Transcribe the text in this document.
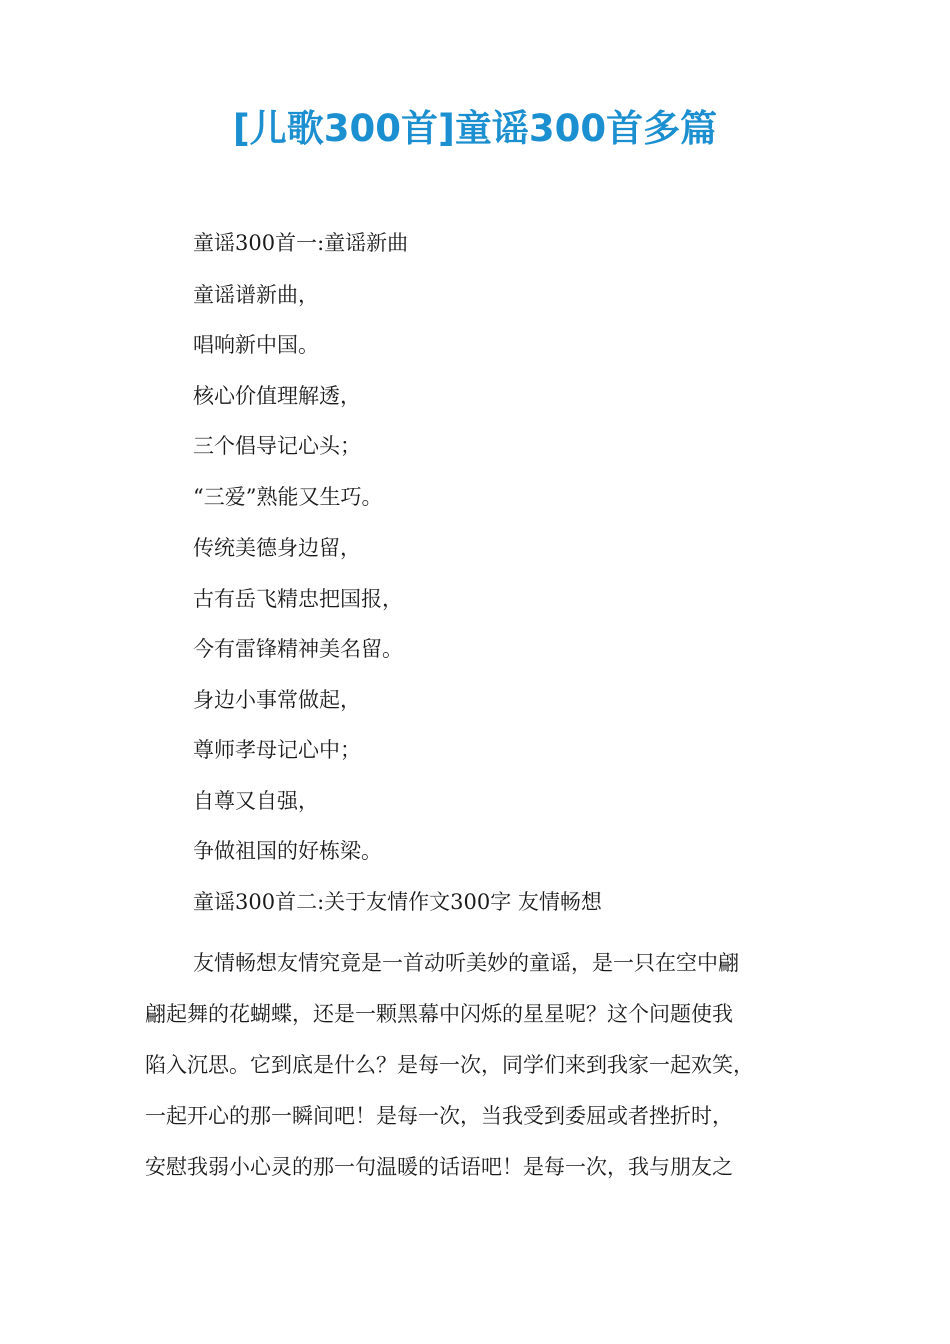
[儿歌300首]童谣300首多篇
童谣300首一:童谣新曲
童谣谱新曲，
唱响新中国。
核心价值理解透，
三个倡导记心头；
“三爱”熟能又生巧。
传统美德身边留，
古有岳飞精忠把国报，
今有雷锋精神美名留。
身边小事常做起，
尊师孝母记心中；
自尊又自强，
争做祖国的好栋梁。
童谣300首二:关于友情作文300字 友情畅想
友情畅想友情究竟是一首动听美妙的童谣，是一只在空中翩
翩起舞的花蝴蝶，还是一颗黑幕中闪烁的星星呢？这个问题使我
陷入沉思。它到底是什么？是每一次，同学们来到我家一起欢笑，
一起开心的那一瞬间吧！是每一次，当我受到委屈或者挫折时，
安慰我弱小心灵的那一句温暖的话语吧！是每一次，我与朋友之
